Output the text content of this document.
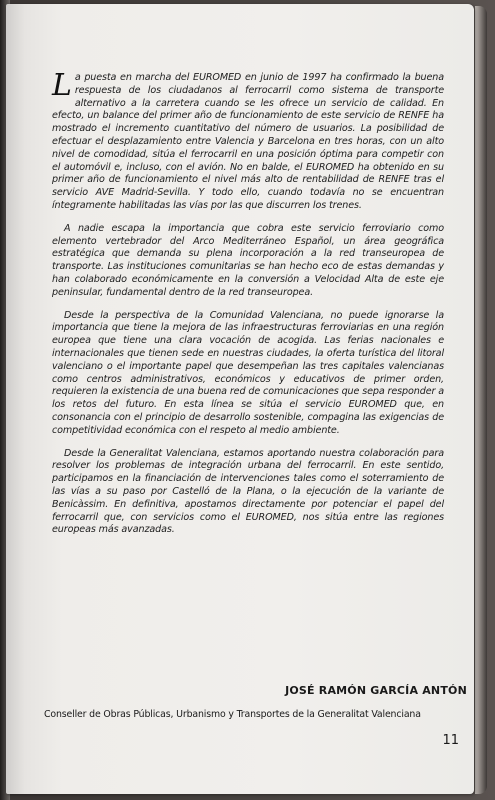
La puesta en marcha del EUROMED en junio de 1997 ha confirmado la buena respuesta de los ciudadanos al ferrocarril como sistema de transporte alternativo a la carretera cuando se les ofrece un servicio de calidad. En efecto, un balance del primer año de funcionamiento de este servicio de RENFE ha mostrado el incremento cuantitativo del número de usuarios. La posibilidad de efectuar el desplazamiento entre Valencia y Barcelona en tres horas, con un alto nivel de comodidad, sitúa el ferrocarril en una posición óptima para competir con el automóvil e, incluso, con el avión. No en balde, el EUROMED ha obtenido en su primer año de funcionamiento el nivel más alto de rentabilidad de RENFE tras el servicio AVE Madrid-Sevilla. Y todo ello, cuando todavía no se encuentran íntegramente habilitadas las vías por las que discurren los trenes.

A nadie escapa la importancia que cobra este servicio ferroviario como elemento vertebrador del Arco Mediterráneo Español, un área geográfica estratégica que demanda su plena incorporación a la red transeuropea de transporte. Las instituciones comunitarias se han hecho eco de estas demandas y han colaborado económicamente en la conversión a Velocidad Alta de este eje peninsular, fundamental dentro de la red transeuropea.

Desde la perspectiva de la Comunidad Valenciana, no puede ignorarse la importancia que tiene la mejora de las infraestructuras ferroviarias en una región europea que tiene una clara vocación de acogida. Las ferias nacionales e internacionales que tienen sede en nuestras ciudades, la oferta turística del litoral valenciano o el importante papel que desempeñan las tres capitales valencianas como centros administrativos, económicos y educativos de primer orden, requieren la existencia de una buena red de comunicaciones que sepa responder a los retos del futuro. En esta línea se sitúa el servicio EUROMED que, en consonancia con el principio de desarrollo sostenible, compagina las exigencias de competitividad económica con el respeto al medio ambiente.

Desde la Generalitat Valenciana, estamos aportando nuestra colaboración para resolver los problemas de integración urbana del ferrocarril. En este sentido, participamos en la financiación de intervenciones tales como el soterramiento de las vías a su paso por Castelló de la Plana, o la ejecución de la variante de Benicàssim. En definitiva, apostamos directamente por potenciar el papel del ferrocarril que, con servicios como el EUROMED, nos sitúa entre las regiones europeas más avanzadas.

JOSÉ RAMÓN GARCÍA ANTÓN
Conseller de Obras Públicas, Urbanismo y Transportes de la Generalitat Valenciana
11
